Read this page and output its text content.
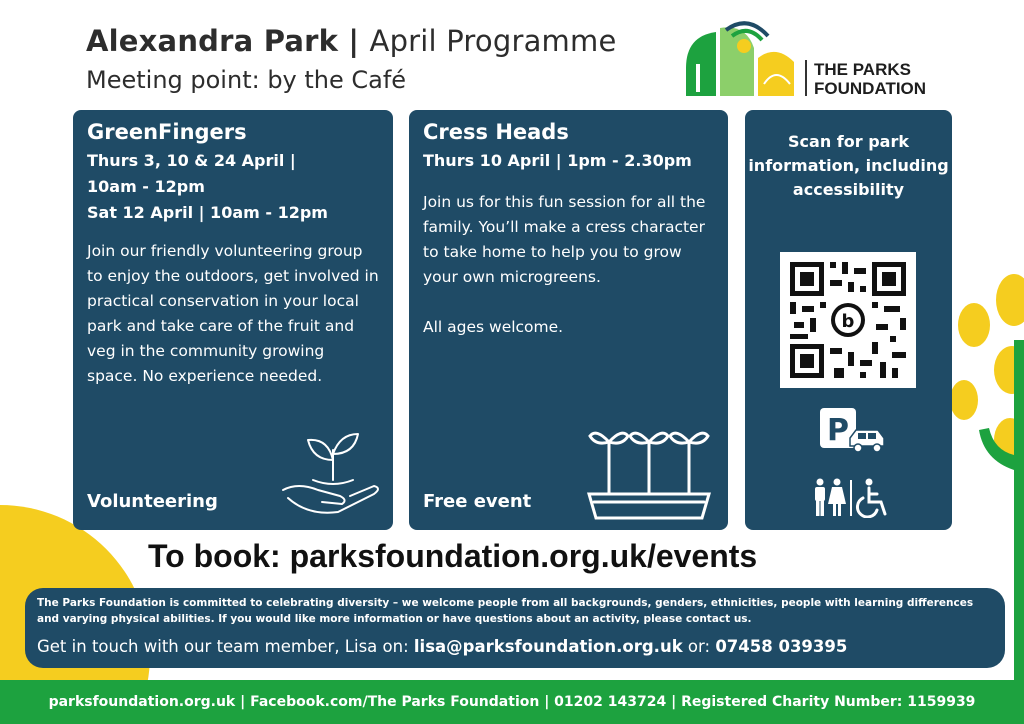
Alexandra Park | April Programme
Meeting point: by the Café	THE PARKS
FOUNDATION
GreenFingers
Thurs 3, 10 & 24 April |
10am - 12pm
Sat 12 April | 10am - 12pm

Join our friendly volunteering group to enjoy the outdoors, get involved in practical conservation in your local park and take care of the fruit and veg in the community growing space. No experience needed.

Volunteering
Cress Heads
Thurs 10 April | 1pm - 2.30pm

Join us for this fun session for all the family. You’ll make a cress character to take home to help you to grow your own microgreens.

All ages welcome.

Free event
Scan for park information, including accessibility
b
P
To book: parksfoundation.org.uk/events
The Parks Foundation is committed to celebrating diversity – we welcome people from all backgrounds, genders, ethnicities, people with learning differences and varying physical abilities. If you would like more information or have questions about an activity, please contact us.
Get in touch with our team member, Lisa on: lisa@parksfoundation.org.uk or: 07458 039395
parksfoundation.org.uk | Facebook.com/The Parks Foundation | 01202 143724 | Registered Charity Number: 1159939
